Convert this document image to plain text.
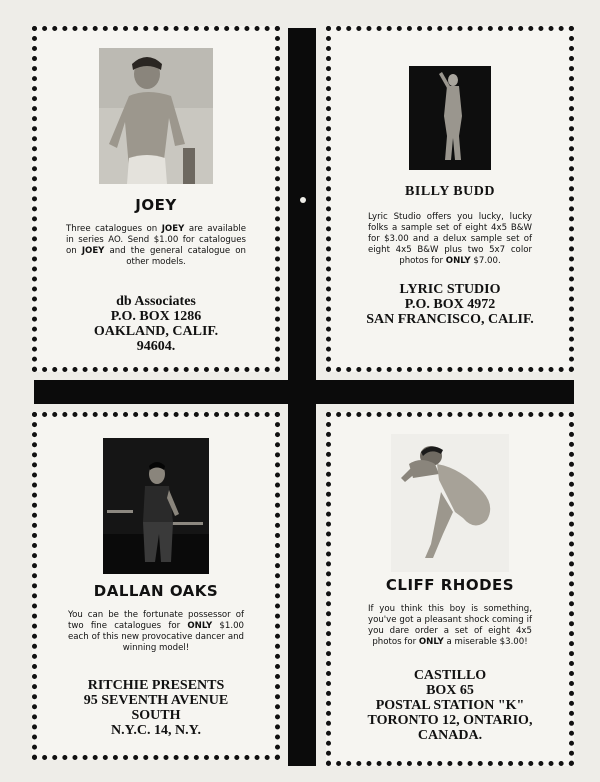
JOEY
Three catalogues on JOEY are available in series AO. Send $1.00 for catalogues on JOEY and the general catalogue on other models.
db Associates
P.O. BOX 1286
OAKLAND, CALIF.
94604.
BILLY BUDD
Lyric Studio offers you lucky, lucky folks a sample set of eight 4x5 B&W for $3.00 and a delux sample set of eight 4x5 B&W plus two 5x7 color photos for ONLY $7.00.
LYRIC STUDIO
P.O. BOX 4972
SAN FRANCISCO, CALIF.
DALLAN OAKS
You can be the fortunate possessor of two fine catalogues for ONLY $1.00 each of this new provocative dancer and winning model!
RITCHIE PRESENTS
95 SEVENTH AVENUE
SOUTH
N.Y.C. 14, N.Y.
CLIFF RHODES
If you think this boy is something, you've got a pleasant shock coming if you dare order a set of eight 4x5 photos for ONLY a miserable $3.00!
CASTILLO
BOX 65
POSTAL STATION "K"
TORONTO 12, ONTARIO,
CANADA.
